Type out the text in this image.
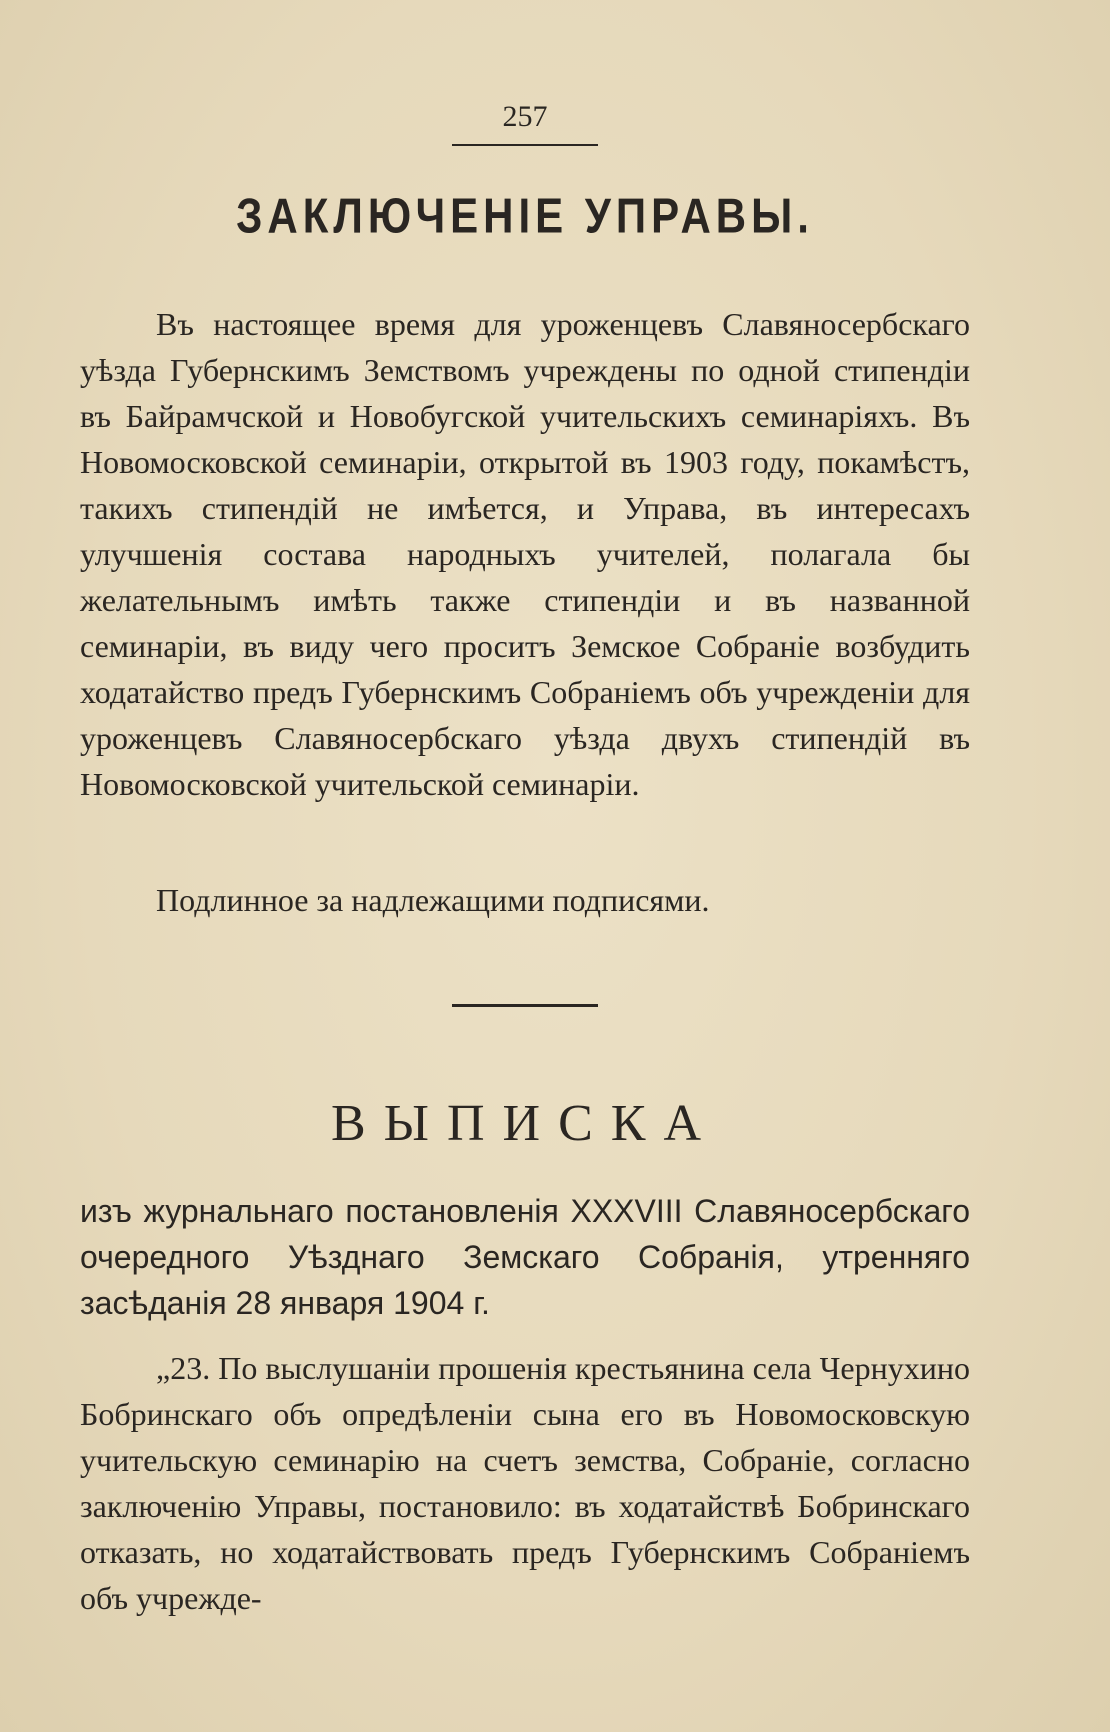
257
ЗАКЛЮЧЕНІЕ УПРАВЫ.

Въ настоящее время для уроженцевъ Славяносербскаго уѣзда Губернскимъ Земствомъ учреждены по одной стипендіи въ Байрамчской и Новобугской учительскихъ семинаріяхъ. Въ Новомосковской семинаріи, открытой въ 1903 году, покамѣстъ, такихъ стипендій не имѣется, и Управа, въ интересахъ улучшенія состава народныхъ учителей, полагала бы желательнымъ имѣть также стипендіи и въ названной семинаріи, въ виду чего проситъ Земское Собраніе возбудить ходатайство предъ Губернскимъ Собраніемъ объ учрежденіи для уроженцевъ Славяносербскаго уѣзда двухъ стипендій въ Новомосковской учительской семинаріи.

Подлинное за надлежащими подписями.

ВЫПИСКА

изъ журнальнаго постановленія XXXVIII Славяносербскаго очередного Уѣзднаго Земскаго Собранія, утренняго засѣданія 28 января 1904 г.

„23. По выслушаніи прошенія крестьянина села Чернухино Бобринскаго объ опредѣленіи сына его въ Новомосковскую учительскую семинарію на счетъ земства, Собраніе, согласно заключенію Управы, постановило: въ ходатайствѣ Бобринскаго отказать, но ходатайствовать предъ Губернскимъ Собраніемъ объ учрежде-
